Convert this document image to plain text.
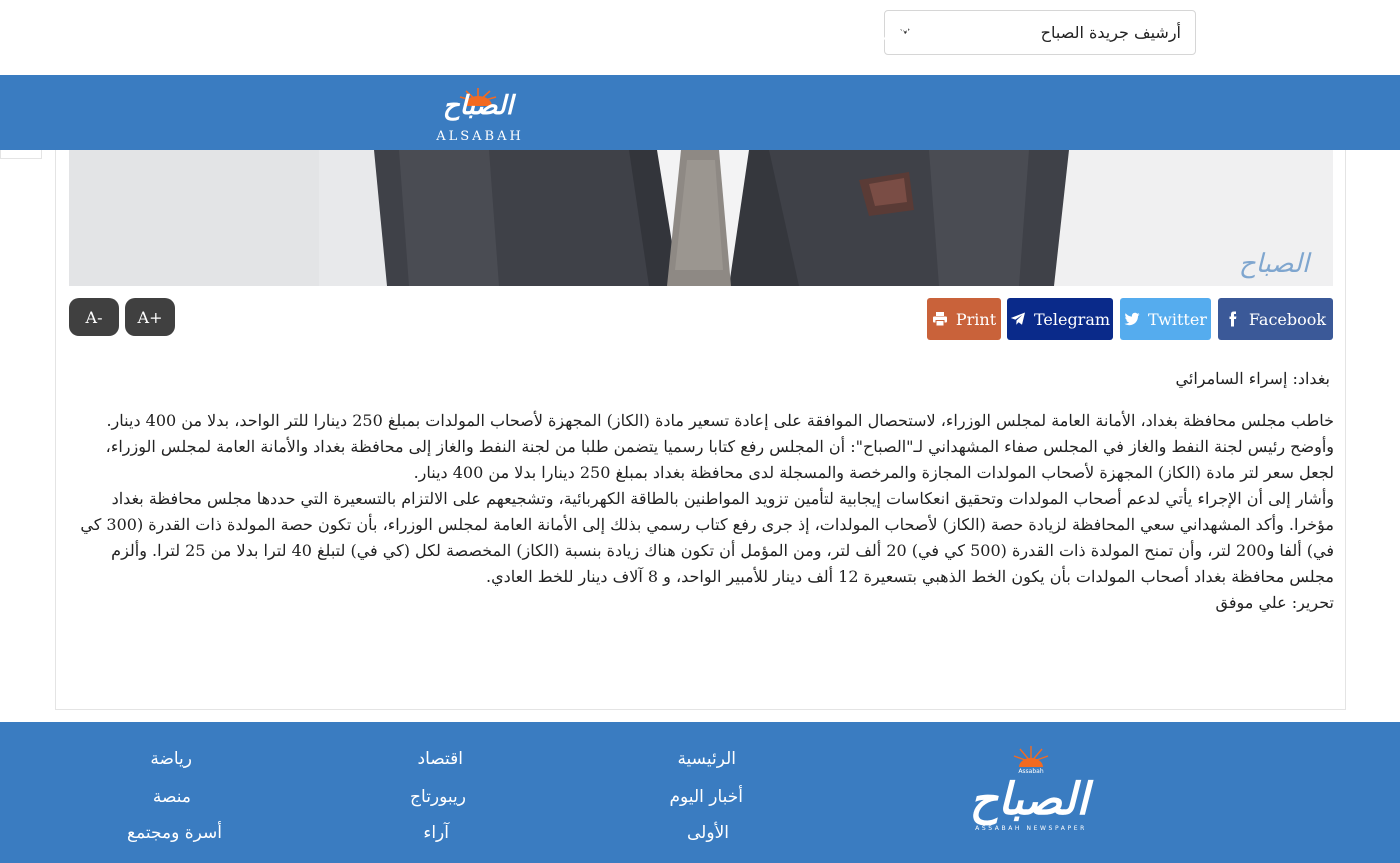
أرشيف جريدة الصباح
الرئيسية
الأولى
الثانية والثالثة
عربي ودولي
العراق
اقتصاد
ثقافة
رياضة
أخيرة
الصباح
ALSABAH
الصباح
Facebook
Twitter
Telegram
Print
A+
A-

بغداد: إسراء السامرائي

خاطب مجلس محافظة بغداد، الأمانة العامة لمجلس الوزراء، لاستحصال الموافقة على إعادة تسعير مادة (الكاز) المجهزة لأصحاب المولدات بمبلغ 250 دينارا للتر الواحد، بدلا من 400 دينار.

وأوضح رئيس لجنة النفط والغاز في المجلس صفاء المشهداني لـ"الصباح": أن المجلس رفع كتابا رسميا يتضمن طلبا من لجنة النفط والغاز إلى محافظة بغداد والأمانة العامة لمجلس الوزراء، لجعل سعر لتر مادة (الكاز) المجهزة لأصحاب المولدات المجازة والمرخصة والمسجلة لدى محافظة بغداد بمبلغ 250 دينارا بدلا من 400 دينار.

وأشار إلى أن الإجراء يأتي لدعم أصحاب المولدات وتحقيق انعكاسات إيجابية لتأمين تزويد المواطنين بالطاقة الكهربائية، وتشجيعهم على الالتزام بالتسعيرة التي حددها مجلس محافظة بغداد مؤخرا. وأكد المشهداني سعي المحافظة لزيادة حصة (الكاز) لأصحاب المولدات، إذ جرى رفع كتاب رسمي بذلك إلى الأمانة العامة لمجلس الوزراء، بأن تكون حصة المولدة ذات القدرة (300 كي في) ألفا و200 لتر، وأن تمنح المولدة ذات القدرة (500 كي في) 20 ألف لتر، ومن المؤمل أن تكون هناك زيادة بنسبة (الكاز) المخصصة لكل (كي في) لتبلغ 40 لترا بدلا من 25 لترا. وألزم مجلس محافظة بغداد أصحاب المولدات بأن يكون الخط الذهبي بتسعيرة 12 ألف دينار للأمبير الواحد، و 8 آلاف دينار للخط العادي.

تحرير: علي موفق

Assabah
الصباح
ASSABAH NEWSPAPER
الرئيسية
أخبار اليوم
الأولى
اقتصاد
ريبورتاج
آراء
رياضة
منصة
أسرة ومجتمع
